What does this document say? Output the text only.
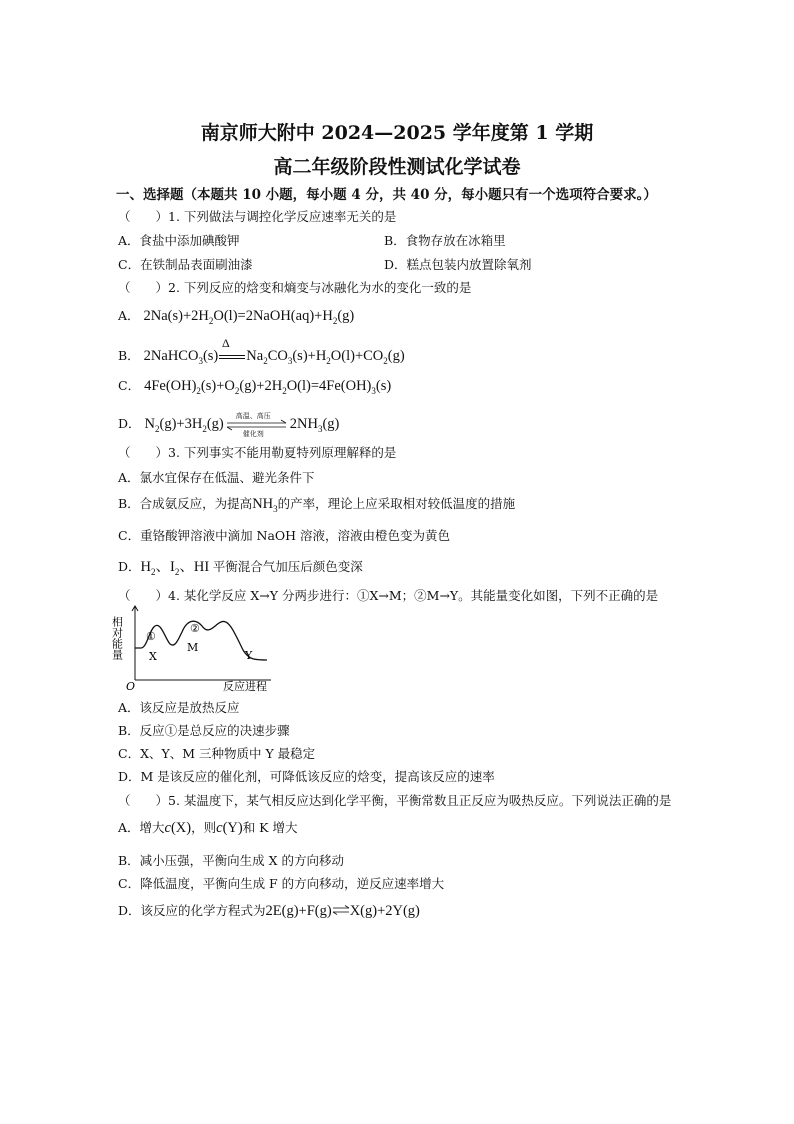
南京师大附中 2024—2025 学年度第 1 学期
高二年级阶段性测试化学试卷
一、选择题（本题共 10 小题，每小题 4 分，共 40 分，每小题只有一个选项符合要求。）
（　　）1. 下列做法与调控化学反应速率无关的是
A．食盐中添加碘酸钾	B．食物存放在冰箱里
C．在铁制品表面刷油漆	D．糕点包装内放置除氧剂
（　　）2. 下列反应的焓变和熵变与冰融化为水的变化一致的是
A． $2Na(s)+2H_2O(l)=2NaOH(aq)+H_2(g)$
Δ
B． 2NaHCO$_3$(s) $Na_2CO_3(s)+H_2O(l)+CO_2(g)$
C． $4Fe(OH)_2(s)+O_2(g)+2H_2O(l)=4Fe(OH)_3(s)$
D． $N_2(g)+3H_2(g)$
高温、高压
催化剂
$2NH_3(g)$
（　　）3. 下列事实不能用勒夏特列原理解释的是
A．氯水宜保存在低温、避光条件下
B．合成氨反应，为提高$NH_3$的产率，理论上应采取相对较低温度的措施
C．重铬酸钾溶液中滴加 NaOH 溶液，溶液由橙色变为黄色
D．$H_2$、$I_2$、HI 平衡混合气加压后颜色变深
（　　）4. 某化学反应 X→Y 分两步进行：①X→M；②M→Y。其能量变化如图，下列不正确的是
相对能量
O	反应进程
①
②
X
M
Y
A．该反应是放热反应
B．反应①是总反应的决速步骤
C．X、Y、M 三种物质中 Y 最稳定
D．M 是该反应的催化剂，可降低该反应的焓变，提高该反应的速率
（　　）5. 某温度下，某气相反应达到化学平衡，平衡常数且正反应为吸热反应。下列说法正确的是
A．增大c(X)，则c(Y)和 K 增大
B．减小压强，平衡向生成 X 的方向移动
C．降低温度，平衡向生成 F 的方向移动，逆反应速率增大
D．该反应的化学方程式为2E(g)+F(g) X(g)+2Y(g)
